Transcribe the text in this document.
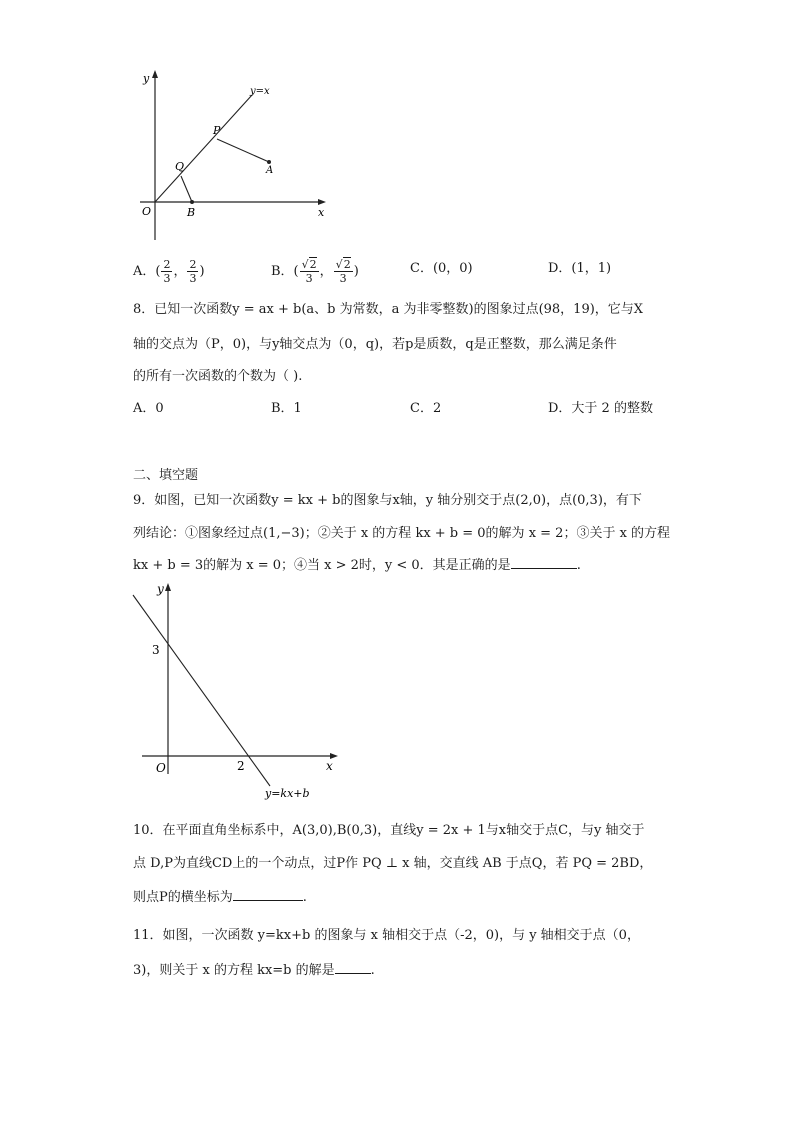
y
y=x
P
Q	A
O	B	x
A．( $\frac{2}{3}$ ， $\frac{2}{3}$ )	B．( $\frac{√2}{3}$ ， $\frac{√2}{3}$ )	C．(0，0)	D．(1，1)
8．已知一次函数y = ax + b(a、b 为常数，a 为非零整数)的图象过点(98，19)，它与X
轴的交点为（P，0)，与y轴交点为（0，q)，若p是质数，q是正整数，那么满足条件
的所有一次函数的个数为（ ).
A．0	B．1	C．2	D．大于 2 的整数
二、填空题
9．如图，已知一次函数y = kx + b的图象与x轴，y 轴分别交于点(2,0)，点(0,3)，有下
列结论：①图象经过点(1,−3)；②关于 x 的方程 kx + b = 0的解为 x = 2；③关于 x 的方程
kx + b = 3的解为 x = 0；④当 x > 2时，y < 0．其是正确的是	.
y
3
O	2	x
y=kx+b
10．在平面直角坐标系中，A(3,0),B(0,3)，直线y = 2x + 1与x轴交于点C，与y 轴交于
点 D,P为直线CD上的一个动点，过P作 PQ ⊥ x 轴，交直线 AB 于点Q，若 PQ = 2BD，
则点P的横坐标为	.
11．如图，一次函数 y=kx+b 的图象与 x 轴相交于点（-2，0)，与 y 轴相交于点（0，
3)，则关于 x 的方程 kx=b 的解是	.
